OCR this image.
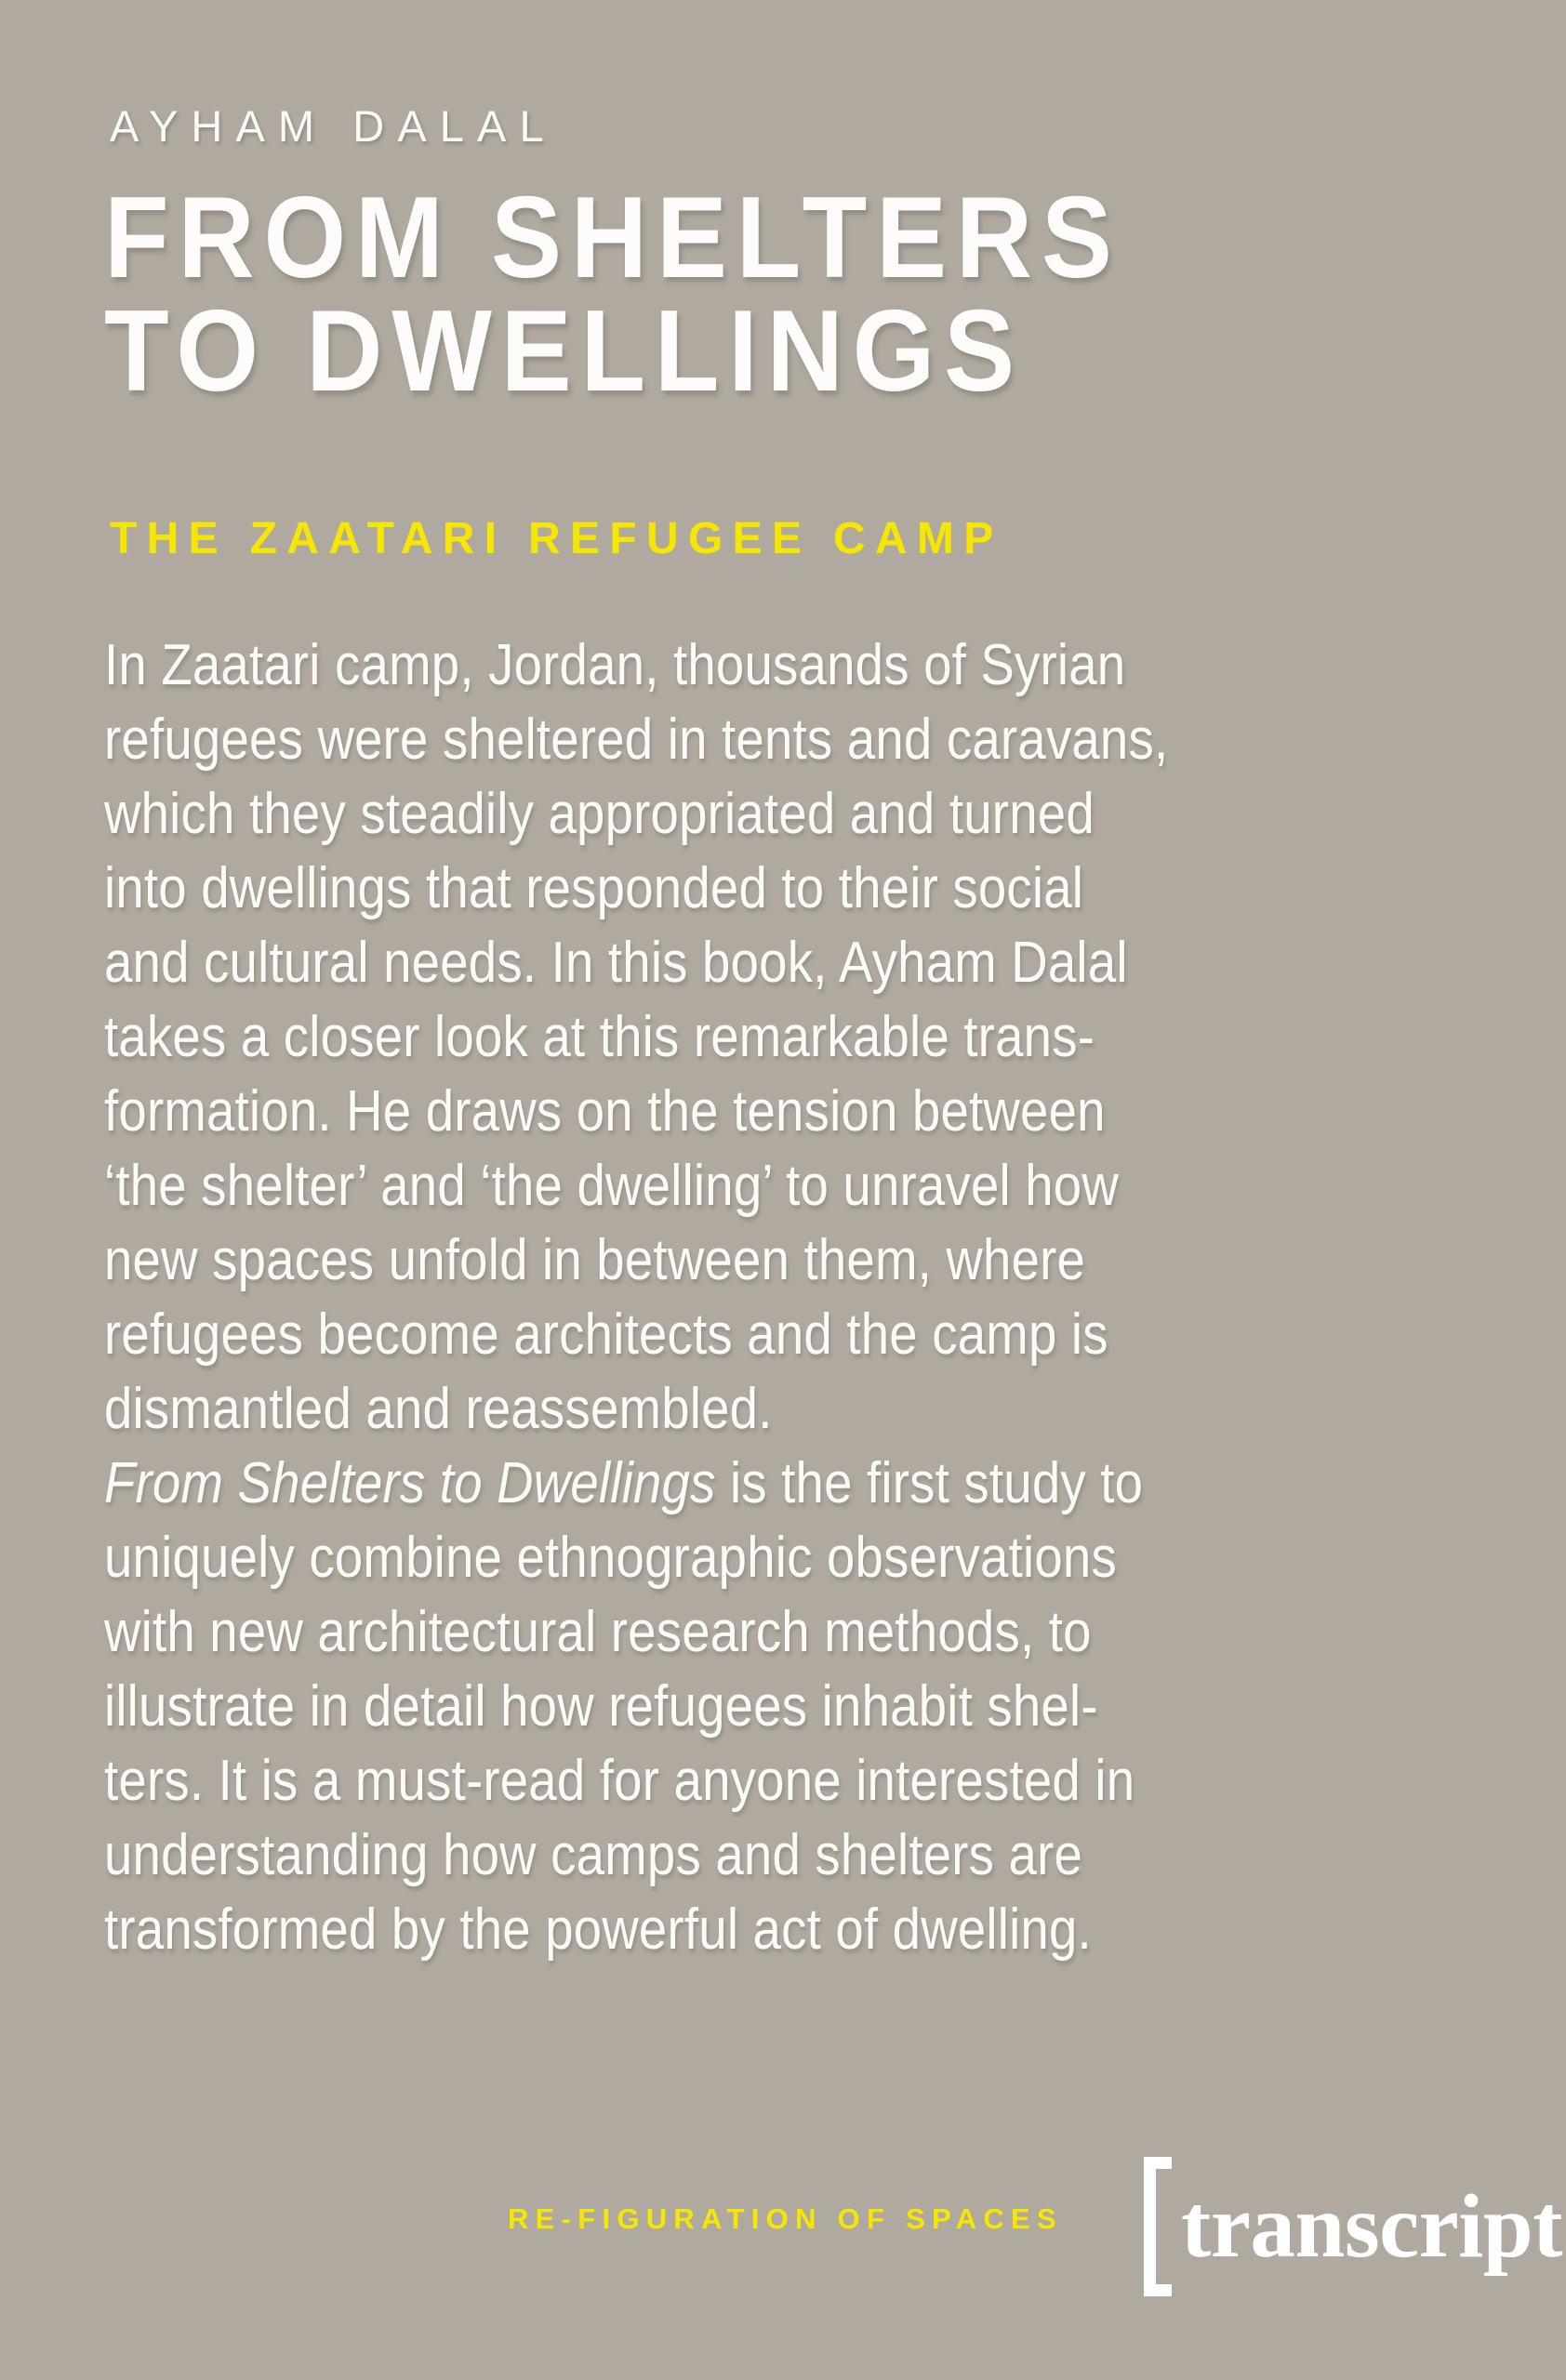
AYHAM DALAL
FROM SHELTERS
TO DWELLINGS
THE ZAATARI REFUGEE CAMP
In Zaatari camp, Jordan, thousands of Syrian
refugees were sheltered in tents and caravans,
which they steadily appropriated and turned
into dwellings that responded to their social
and cultural needs. In this book, Ayham Dalal
takes a closer look at this remarkable trans-
formation. He draws on the tension between
‘the shelter’ and ‘the dwelling’ to unravel how
new spaces unfold in between them, where
refugees become architects and the camp is
dismantled and reassembled.
From Shelters to Dwellings is the first study to
uniquely combine ethnographic observations
with new architectural research methods, to
illustrate in detail how refugees inhabit shel-
ters. It is a must-read for anyone interested in
understanding how camps and shelters are
transformed by the powerful act of dwelling.
RE-FIGURATION OF SPACES transcript
